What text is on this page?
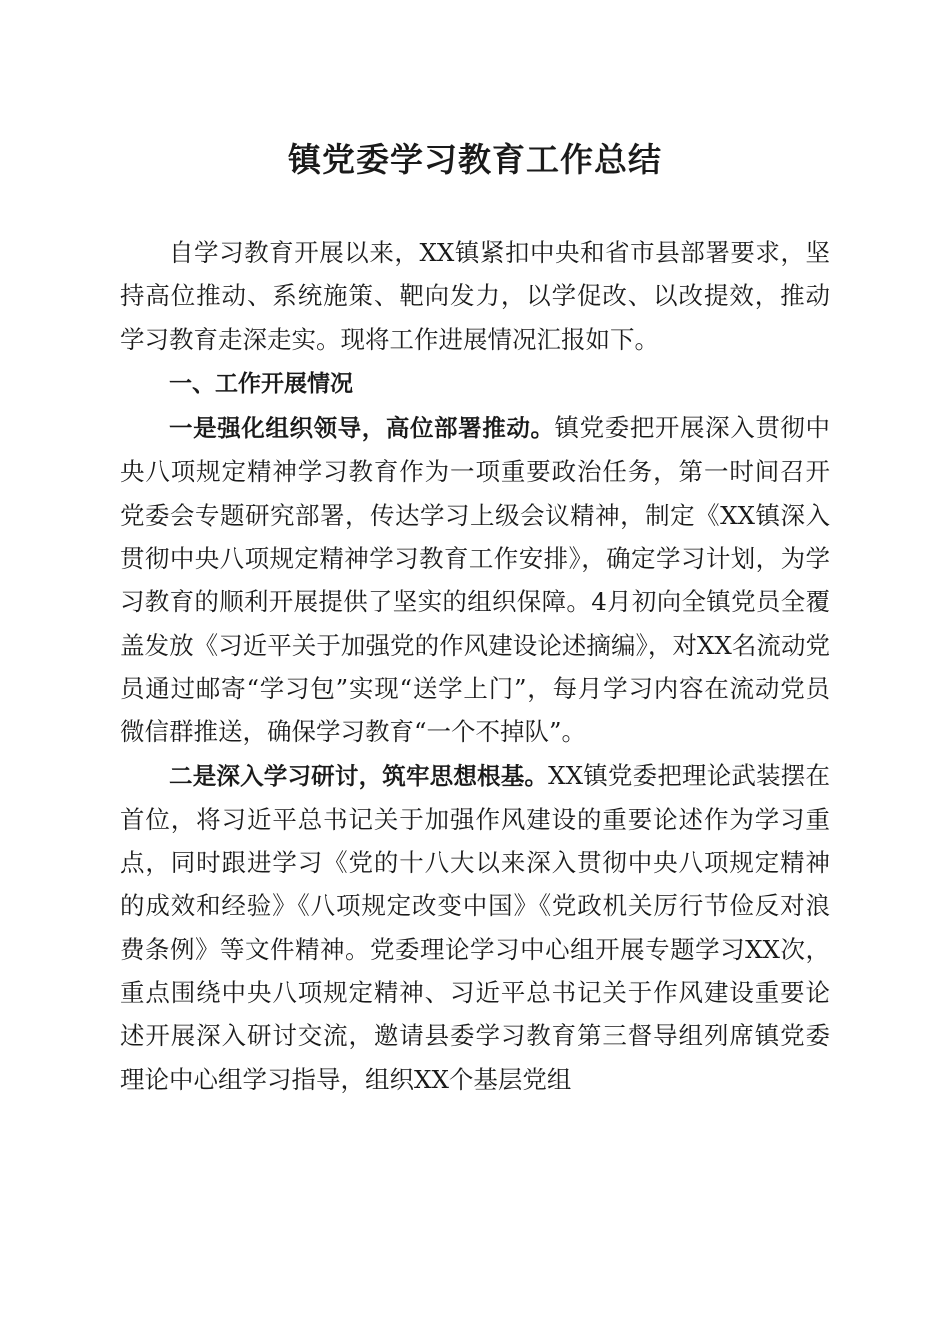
镇党委学习教育工作总结

自学习教育开展以来，XX镇紧扣中央和省市县部署要求，坚持高位推动、系统施策、靶向发力，以学促改、以改提效，推动学习教育走深走实。现将工作进展情况汇报如下。

一、工作开展情况

一是强化组织领导，高位部署推动。镇党委把开展深入贯彻中央八项规定精神学习教育作为一项重要政治任务，第一时间召开党委会专题研究部署，传达学习上级会议精神，制定《XX镇深入贯彻中央八项规定精神学习教育工作安排》，确定学习计划，为学习教育的顺利开展提供了坚实的组织保障。4月初向全镇党员全覆盖发放《习近平关于加强党的作风建设论述摘编》，对XX名流动党员通过邮寄“学习包”实现“送学上门”，每月学习内容在流动党员微信群推送，确保学习教育“一个不掉队”。

二是深入学习研讨，筑牢思想根基。XX镇党委把理论武装摆在首位，将习近平总书记关于加强作风建设的重要论述作为学习重点，同时跟进学习《党的十八大以来深入贯彻中央八项规定精神的成效和经验》《八项规定改变中国》《党政机关厉行节俭反对浪费条例》等文件精神。党委理论学习中心组开展专题学习XX次，重点围绕中央八项规定精神、习近平总书记关于作风建设重要论述开展深入研讨交流，邀请县委学习教育第三督导组列席镇党委理论中心组学习指导，组织XX个基层党组
